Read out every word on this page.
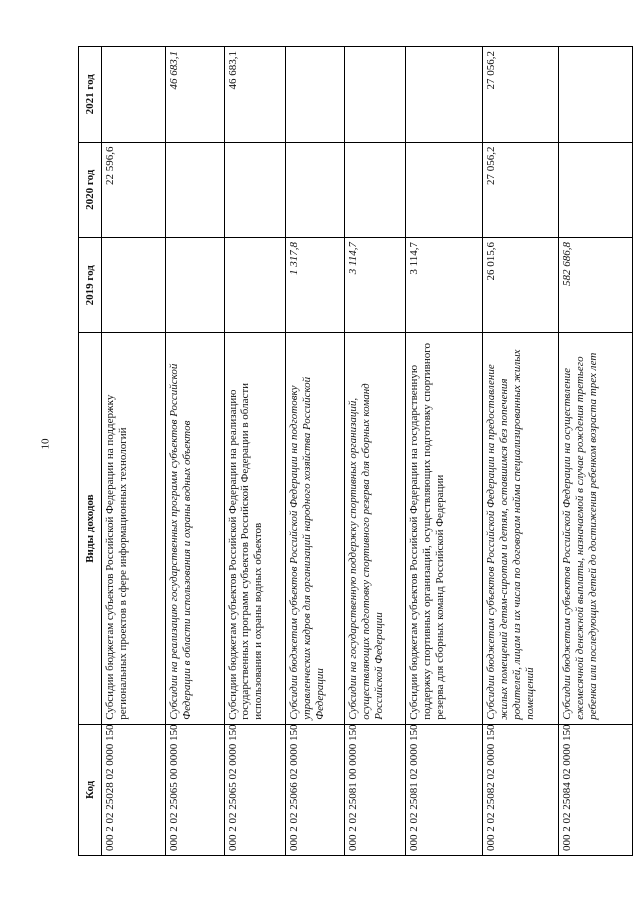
10
Код	Виды доходов	2019 год	2020 год	2021 год
000 2 02 25028 02 0000 150	Субсидии бюджетам субъектов Российской Федерации на поддержку региональных проектов в сфере информационных технологий		22 596,6	
000 2 02 25065 00 0000 150	Субсидии на реализацию государственных программ субъектов Российской Федерации в области использования и охраны водных объектов			46 683,1
000 2 02 25065 02 0000 150	Субсидии бюджетам субъектов Российской Федерации на реализацию государственных программ субъектов Российской Федерации в области использования и охраны водных объектов			46 683,1
000 2 02 25066 02 0000 150	Субсидии бюджетам субъектов Российской Федерации на подготовку управленческих кадров для организаций народного хозяйства Российской Федерации	1 317,8		
000 2 02 25081 00 0000 150	Субсидии на государственную поддержку спортивных организаций, осуществляющих подготовку спортивного резерва для сборных команд Российской Федерации	3 114,7		
000 2 02 25081 02 0000 150	Субсидии бюджетам субъектов Российской Федерации на государственную поддержку спортивных организаций, осуществляющих подготовку спортивного резерва для сборных команд Российской Федерации	3 114,7		
000 2 02 25082 02 0000 150	Субсидии бюджетам субъектов Российской Федерации на предоставление жилых помещений детям-сиротам и детям, оставшимся без попечения родителей, лицам из их числа по договорам найма специализированных жилых помещений	26 015,6	27 056,2	27 056,2
000 2 02 25084 02 0000 150	Субсидии бюджетам субъектов Российской Федерации на осуществление ежемесячной денежной выплаты, назначаемой в случае рождения третьего ребенка или последующих детей до достижения ребенком возраста трех лет	582 686,8		
